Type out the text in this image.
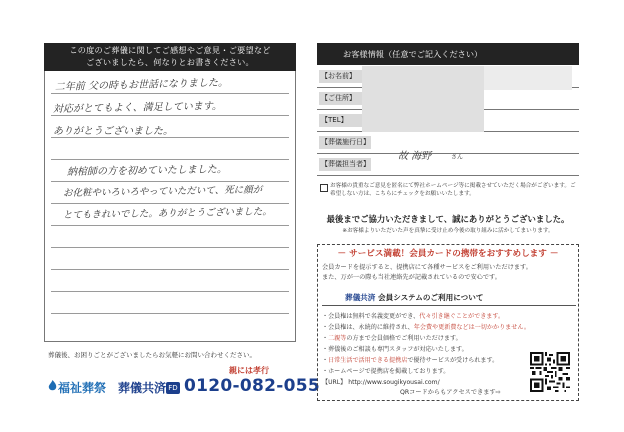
この度のご葬儀に関してご感想やご意見・ご要望など
ございましたら、何なりとお書きください。
二年前 父の時もお世話になりました。
対応がとてもよく、満足しています。
ありがとうございました。
納棺師の方を初めていたしました。
お化粧やいろいろやっていただいて、死に顔が
とてもきれいでした。ありがとうございました。
葬儀後、お困りごとがございましたらお気軽にお問い合わせください。
福祉葬祭 葬儀共済 FD 0120-082-055
親には孝行
お客様情報（任意でご記入ください）
【お名前】
【ご住所】
【TEL】
【葬儀施行日】
【葬儀担当者】
故 海野	さん
お客様の貴重なご意見を匿名にて弊社ホームページ等に掲載させていただく場合がございます。ご希望しない方は、こちらにチェックをお願いいたします。
最後までご協力いただきまして、誠にありがとうございました。
※お客様よりいただいた声を真摯に受け止め今後の取り組みに活かしてまいります。
－ サービス満載！会員カードの携帯をおすすめします －
会員カードを提示すると、提携店にて各種サービスをご利用いただけます。
また、万が一の際も当社連絡先が記載されているので安心です。
葬儀共済 会員システムのご利用について
・会員権は無料で名義変更ができ、代々引き継ぐことができます。
・会員権は、永続的に維持され、年会費や更新費などは一切かかりません。
・二親等の方まで会員価格でご利用いただけます。
・葬儀後のご相談も専門スタッフが対応いたします。
・日常生活で活用できる提携店で優待サービスが受けられます。
・ホームページで提携店を掲載しております。
【URL】 http://www.sougikyousai.com/
QRコードからもアクセスできます⇨
